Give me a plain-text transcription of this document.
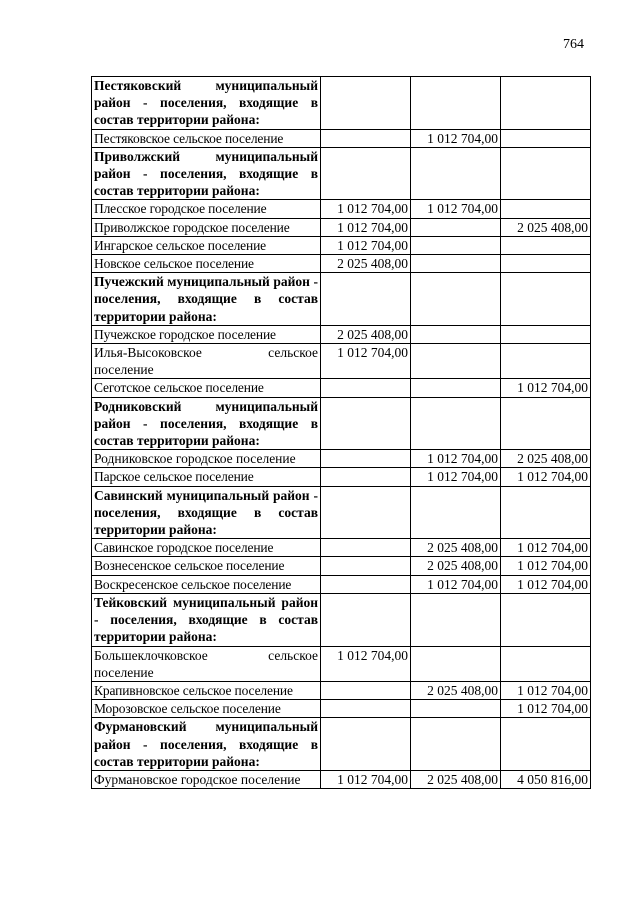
764
Пестяковский муниципальный район - поселения, входящие в состав территории района:			
Пестяковское сельское поселение		1 012 704,00	
Приволжский муниципальный район - поселения, входящие в состав территории района:			
Плесское городское поселение	1 012 704,00	1 012 704,00	
Приволжское городское поселение	1 012 704,00		2 025 408,00
Ингарское сельское поселение	1 012 704,00		
Новское сельское поселение	2 025 408,00		
Пучежский муниципальный район - поселения, входящие в состав территории района:			
Пучежское городское поселение	2 025 408,00		
Илья-Высоковское сельское поселение	1 012 704,00		
Сеготское сельское поселение			1 012 704,00
Родниковский муниципальный район - поселения, входящие в состав территории района:			
Родниковское городское поселение		1 012 704,00	2 025 408,00
Парское сельское поселение		1 012 704,00	1 012 704,00
Савинский муниципальный район - поселения, входящие в состав территории района:			
Савинское городское поселение		2 025 408,00	1 012 704,00
Вознесенское сельское поселение		2 025 408,00	1 012 704,00
Воскресенское сельское поселение		1 012 704,00	1 012 704,00
Тейковский муниципальный район - поселения, входящие в состав территории района:			
Большеклочковское сельское поселение	1 012 704,00		
Крапивновское сельское поселение		2 025 408,00	1 012 704,00
Морозовское сельское поселение			1 012 704,00
Фурмановский муниципальный район - поселения, входящие в состав территории района:			
Фурмановское городское поселение	1 012 704,00	2 025 408,00	4 050 816,00
